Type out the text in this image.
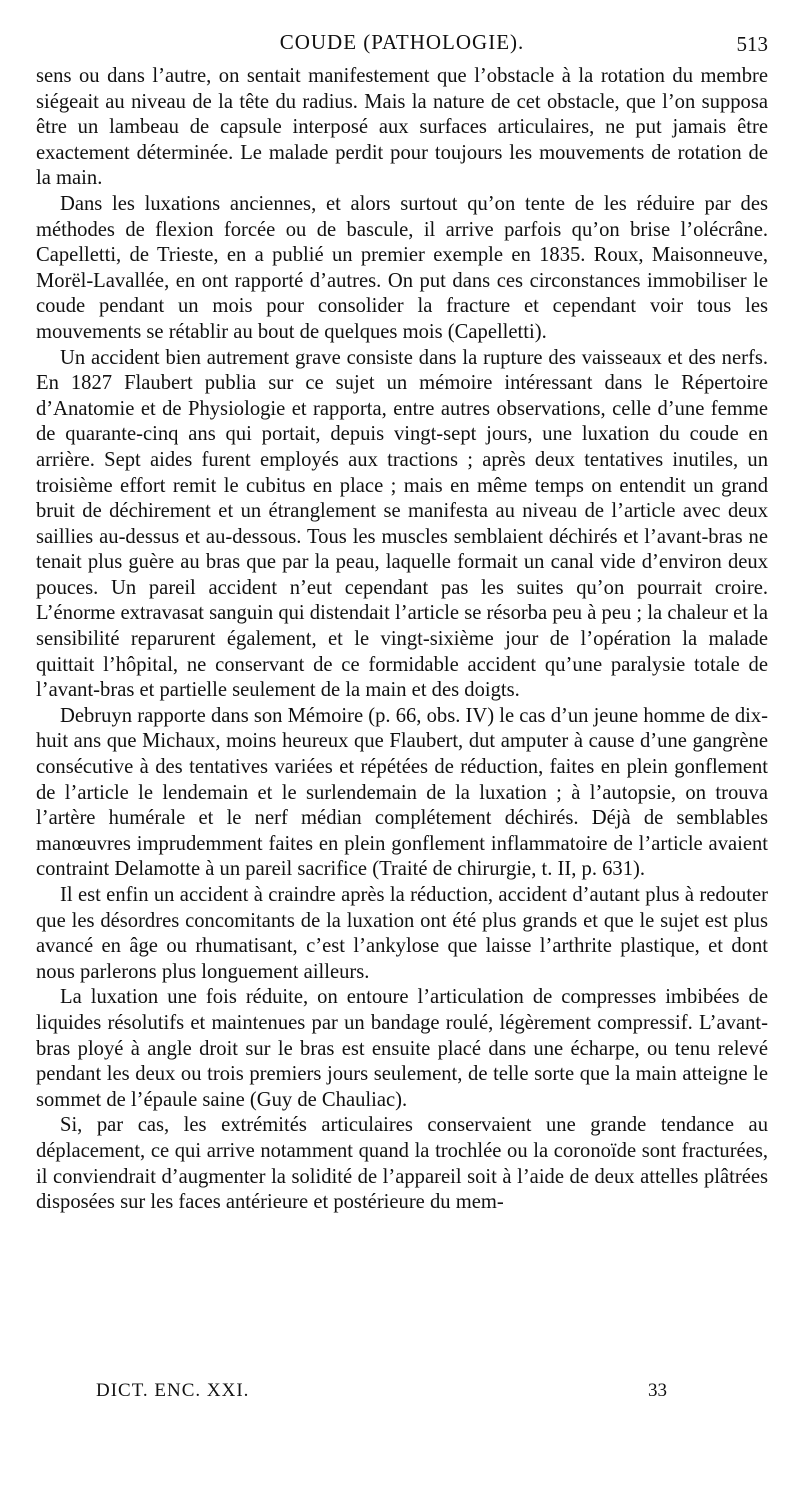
COUDE (PATHOLOGIE).	513

sens ou dans l’autre, on sentait manifestement que l’obstacle à la rotation du membre siégeait au niveau de la tête du radius. Mais la nature de cet obstacle, que l’on supposa être un lambeau de capsule interposé aux surfaces articulaires, ne put jamais être exactement déterminée. Le malade perdit pour toujours les mouvements de rotation de la main.

Dans les luxations anciennes, et alors surtout qu’on tente de les réduire par des méthodes de flexion forcée ou de bascule, il arrive parfois qu’on brise l’olécrâne. Capelletti, de Trieste, en a publié un premier exemple en 1835. Roux, Maisonneuve, Morël-Lavallée, en ont rapporté d’autres. On put dans ces circonstances immobiliser le coude pendant un mois pour consolider la fracture et cependant voir tous les mouvements se rétablir au bout de quelques mois (Capelletti).

Un accident bien autrement grave consiste dans la rupture des vaisseaux et des nerfs. En 1827 Flaubert publia sur ce sujet un mémoire intéressant dans le Répertoire d’Anatomie et de Physiologie et rapporta, entre autres observations, celle d’une femme de quarante-cinq ans qui portait, depuis vingt-sept jours, une luxation du coude en arrière. Sept aides furent employés aux tractions ; après deux tentatives inutiles, un troisième effort remit le cubitus en place ; mais en même temps on entendit un grand bruit de déchirement et un étranglement se manifesta au niveau de l’article avec deux saillies au-dessus et au-dessous. Tous les muscles semblaient déchirés et l’avant-bras ne tenait plus guère au bras que par la peau, laquelle formait un canal vide d’environ deux pouces. Un pareil accident n’eut cependant pas les suites qu’on pourrait croire. L’énorme extravasat sanguin qui distendait l’article se résorba peu à peu ; la chaleur et la sensibilité reparurent également, et le vingt-sixième jour de l’opération la malade quittait l’hôpital, ne conservant de ce formidable accident qu’une paralysie totale de l’avant-bras et partielle seulement de la main et des doigts.

Debruyn rapporte dans son Mémoire (p. 66, obs. IV) le cas d’un jeune homme de dix-huit ans que Michaux, moins heureux que Flaubert, dut amputer à cause d’une gangrène consécutive à des tentatives variées et répétées de réduction, faites en plein gonflement de l’article le lendemain et le surlendemain de la luxation ; à l’autopsie, on trouva l’artère humérale et le nerf médian complétement déchirés. Déjà de semblables manœuvres imprudemment faites en plein gonflement inflammatoire de l’article avaient contraint Delamotte à un pareil sacrifice (Traité de chirurgie, t. II, p. 631).

Il est enfin un accident à craindre après la réduction, accident d’autant plus à redouter que les désordres concomitants de la luxation ont été plus grands et que le sujet est plus avancé en âge ou rhumatisant, c’est l’ankylose que laisse l’arthrite plastique, et dont nous parlerons plus longuement ailleurs.

La luxation une fois réduite, on entoure l’articulation de compresses imbibées de liquides résolutifs et maintenues par un bandage roulé, légèrement compressif. L’avant-bras ployé à angle droit sur le bras est ensuite placé dans une écharpe, ou tenu relevé pendant les deux ou trois premiers jours seulement, de telle sorte que la main atteigne le sommet de l’épaule saine (Guy de Chauliac).

Si, par cas, les extrémités articulaires conservaient une grande tendance au déplacement, ce qui arrive notamment quand la trochlée ou la coronoïde sont fracturées, il conviendrait d’augmenter la solidité de l’appareil soit à l’aide de deux attelles plâtrées disposées sur les faces antérieure et postérieure du mem-

DICT. ENC. XXI.	33
